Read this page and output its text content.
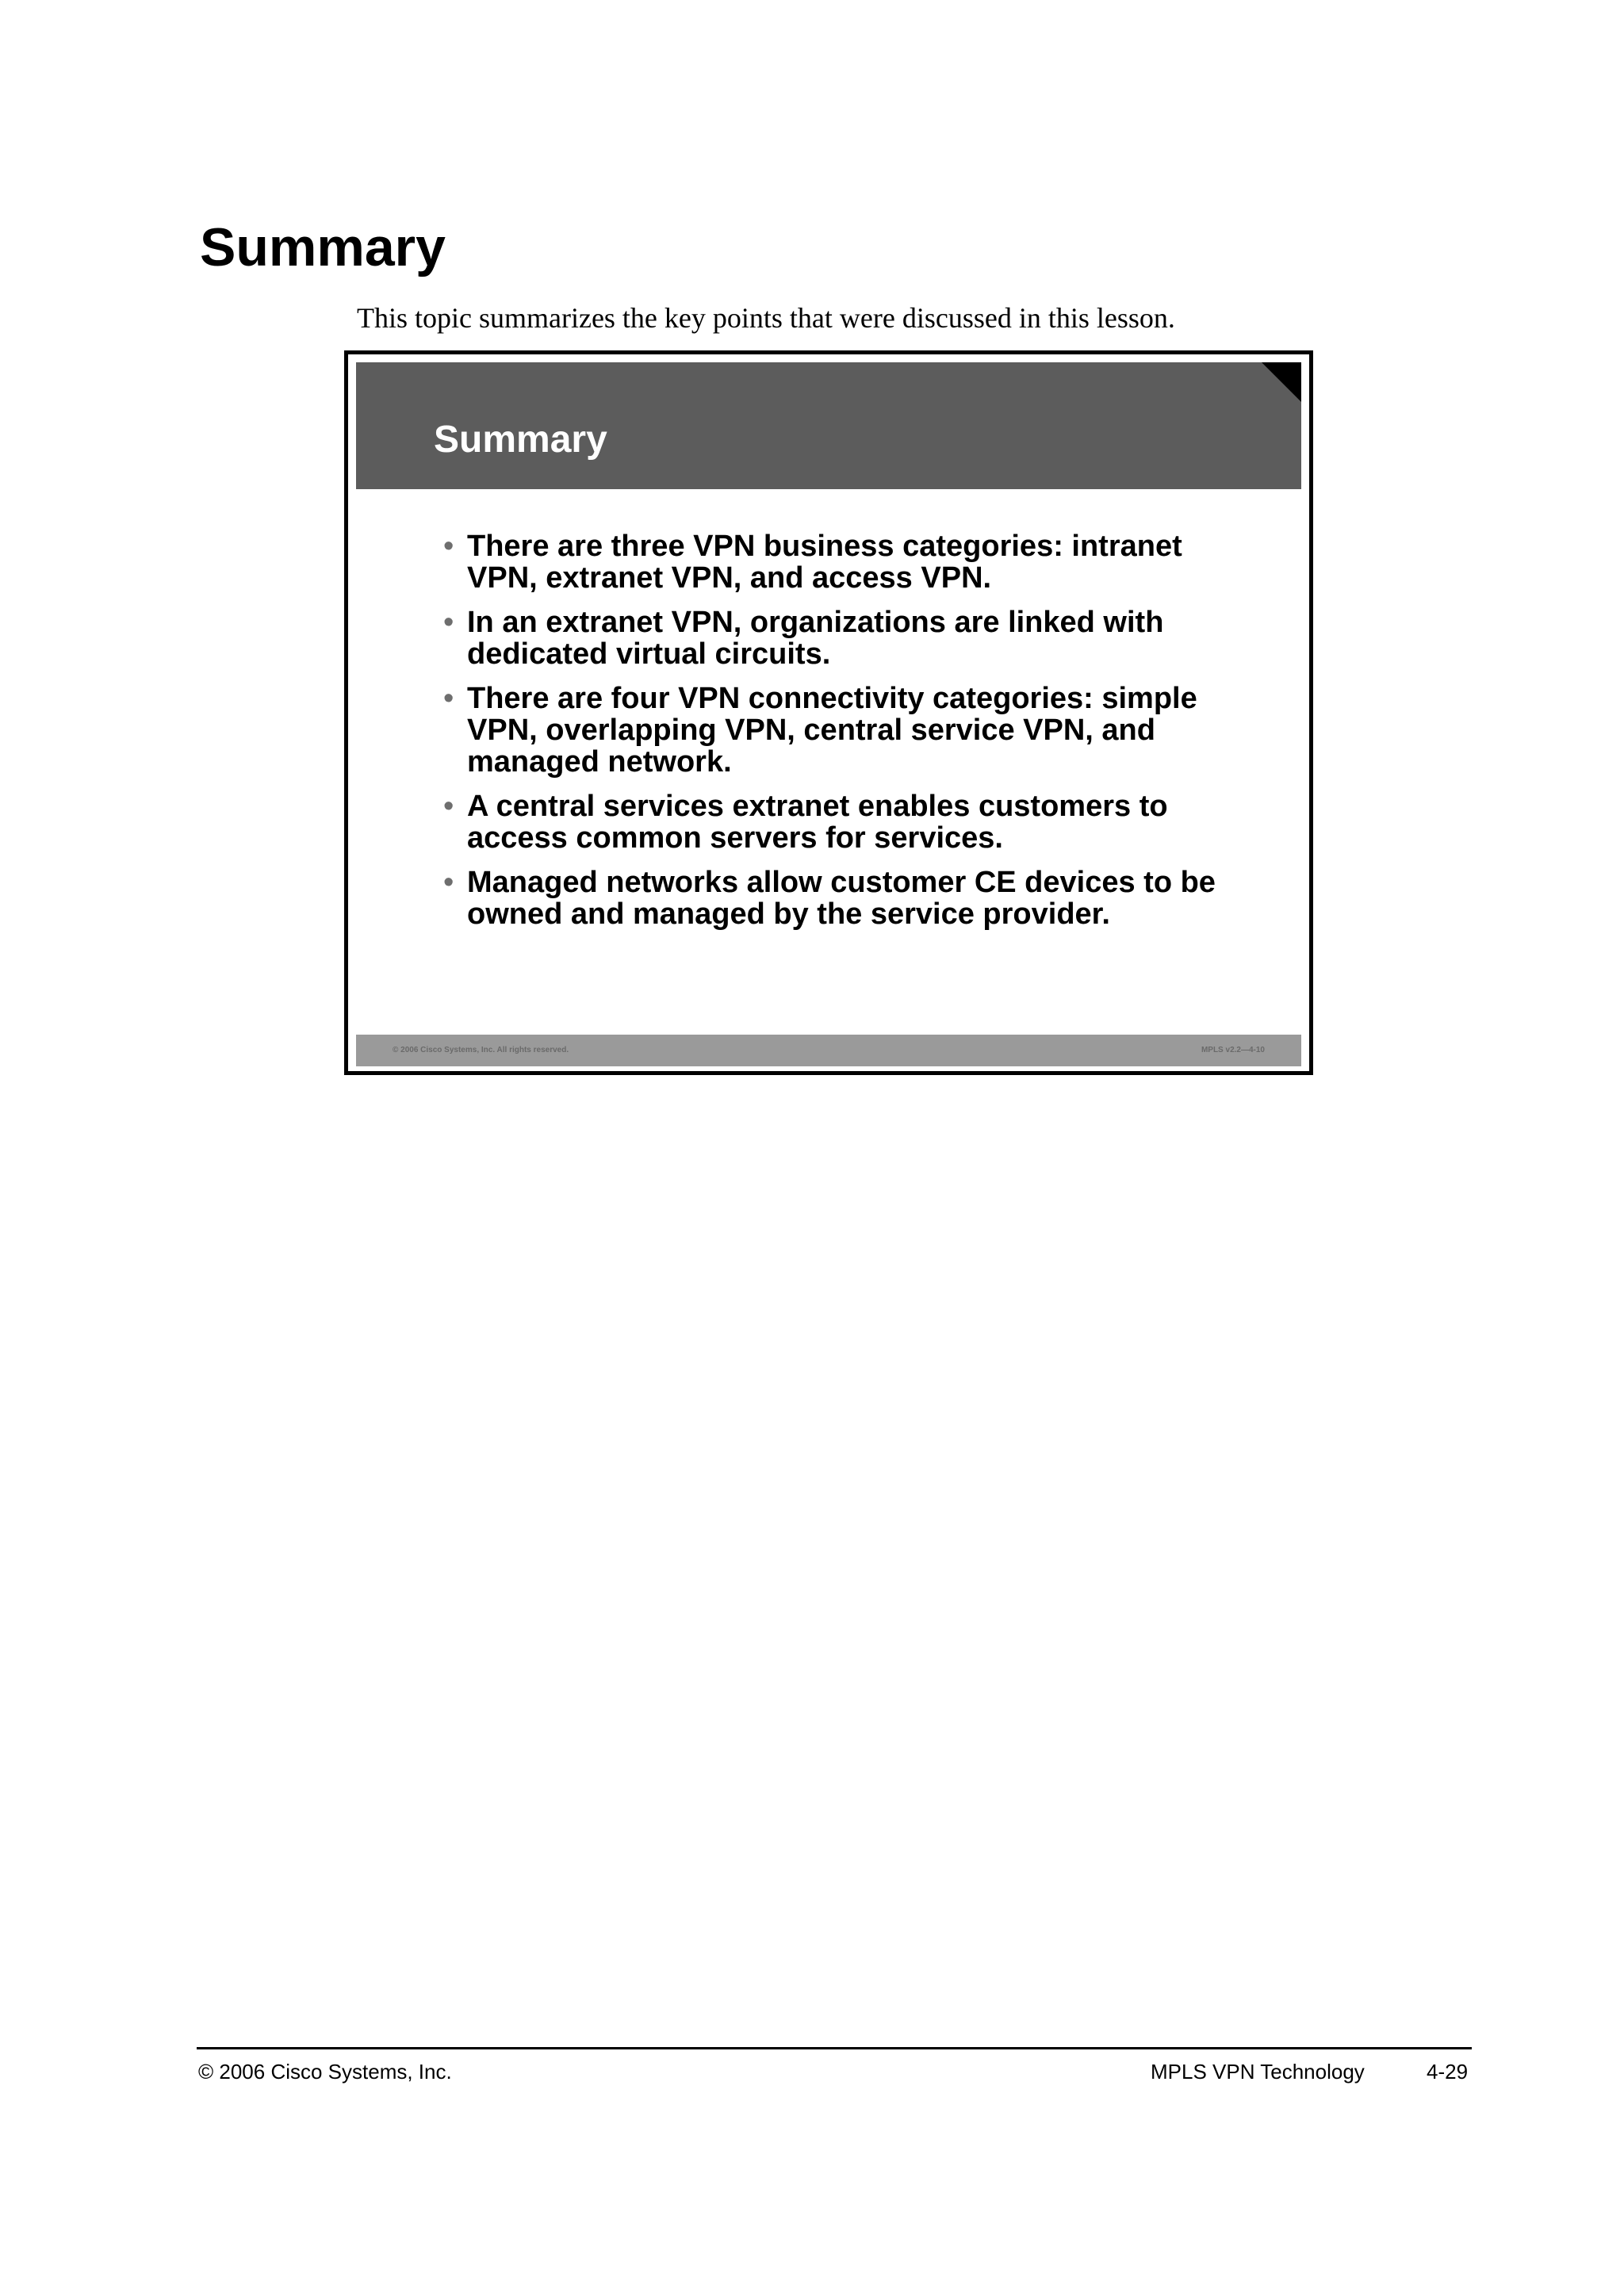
Summary

This topic summarizes the key points that were discussed in this lesson.

Summary
• There are three VPN business categories: intranet VPN, extranet VPN, and access VPN.
• In an extranet VPN, organizations are linked with dedicated virtual circuits.
• There are four VPN connectivity categories: simple VPN, overlapping VPN, central service VPN, and managed network.
• A central services extranet enables customers to access common servers for services.
• Managed networks allow customer CE devices to be owned and managed by the service provider.
© 2006 Cisco Systems, Inc. All rights reserved.	MPLS v2.2—4-10
© 2006 Cisco Systems, Inc.	MPLS VPN Technology	4-29
